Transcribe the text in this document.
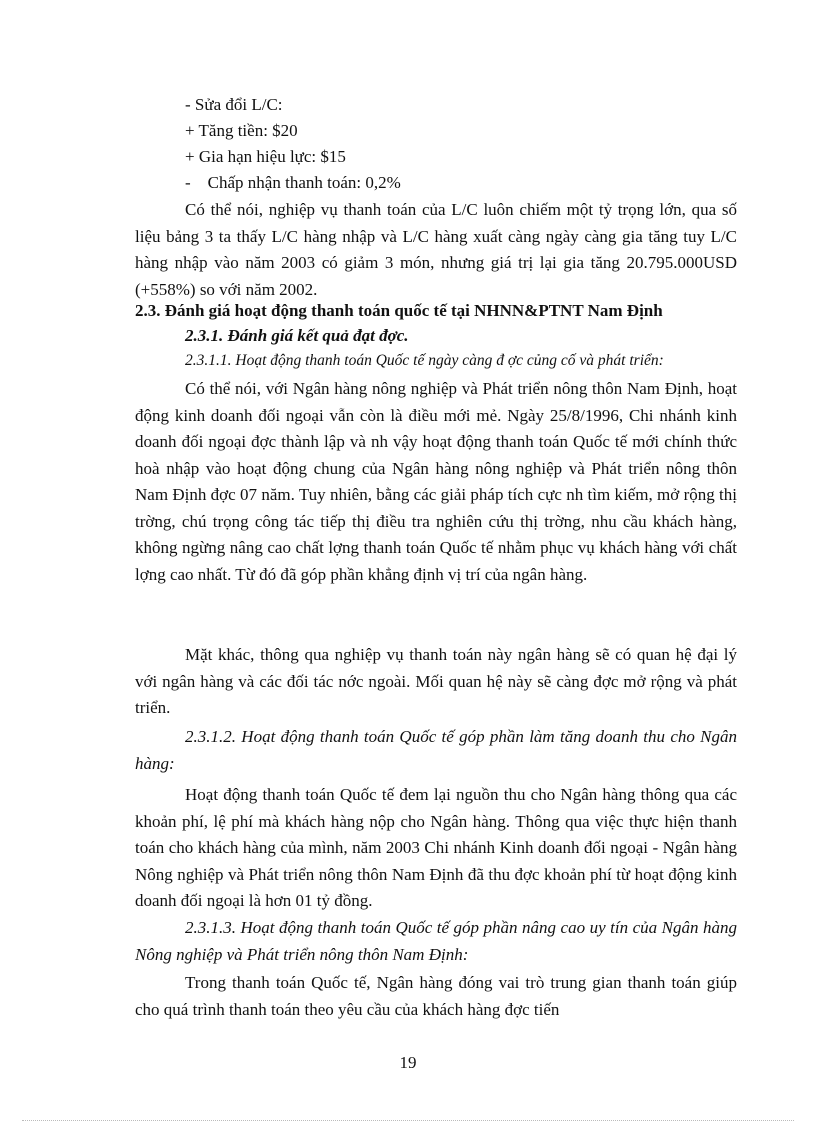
- Sửa đổi L/C:
+ Tăng tiền: $20
+ Gia hạn hiệu lực: $15
-    Chấp nhận thanh toán: 0,2%
Có thể nói, nghiệp vụ thanh toán của L/C luôn chiếm một tỷ trọng lớn, qua số liệu bảng 3 ta thấy L/C hàng nhập và L/C hàng xuất càng ngày càng gia tăng tuy L/C hàng nhập vào năm 2003 có giảm 3 món, nhưng giá trị lại gia tăng 20.795.000USD (+558%) so với năm 2002.
2.3. Đánh giá hoạt động thanh toán quốc tế tại NHNN&PTNT Nam Định
2.3.1. Đánh giá kết quả đạt đợc.
2.3.1.1. Hoạt động thanh toán Quốc tế ngày càng đ ợc củng cố và phát triển:
Có thể nói, với Ngân hàng nông nghiệp và Phát triển nông thôn Nam Định, hoạt động kinh doanh đối ngoại vẫn còn là điều mới mẻ. Ngày 25/8/1996, Chi nhánh kinh doanh đối ngoại đợc thành lập và nh vậy hoạt động thanh toán Quốc tế mới chính thức hoà nhập vào hoạt động chung của Ngân hàng nông nghiệp và Phát triển nông thôn Nam Định đợc 07 năm. Tuy nhiên, bằng các giải pháp tích cực nh tìm kiếm, mở rộng thị trờng, chú trọng công tác tiếp thị điều tra nghiên cứu thị trờng, nhu cầu khách hàng, không ngừng nâng cao chất lợng thanh toán Quốc tế nhằm phục vụ khách hàng với chất lợng cao nhất. Từ đó đã góp phần khẳng định vị trí của ngân hàng.
Mặt khác, thông qua nghiệp vụ thanh toán này ngân hàng sẽ có quan hệ đại lý với ngân hàng và các đối tác nớc ngoài. Mối quan hệ này sẽ càng đợc mở rộng và phát triển.
2.3.1.2. Hoạt động thanh toán Quốc tế góp phần làm tăng doanh thu cho Ngân hàng:
Hoạt động thanh toán Quốc tế đem lại nguồn thu cho Ngân hàng thông qua các khoản phí, lệ phí mà khách hàng nộp cho Ngân hàng. Thông qua việc thực hiện thanh toán cho khách hàng của mình, năm 2003 Chi nhánh Kinh doanh đối ngoại - Ngân hàng Nông nghiệp và Phát triển nông thôn Nam Định đã thu đợc khoản phí từ hoạt động kinh doanh đối ngoại là hơn 01 tỷ đồng.
2.3.1.3. Hoạt động thanh toán Quốc tế góp phần nâng cao uy tín của Ngân hàng Nông nghiệp và Phát triển nông thôn Nam Định:
Trong thanh toán Quốc tế, Ngân hàng đóng vai trò trung gian thanh toán giúp cho quá trình thanh toán theo yêu cầu của khách hàng đợc tiến
19
